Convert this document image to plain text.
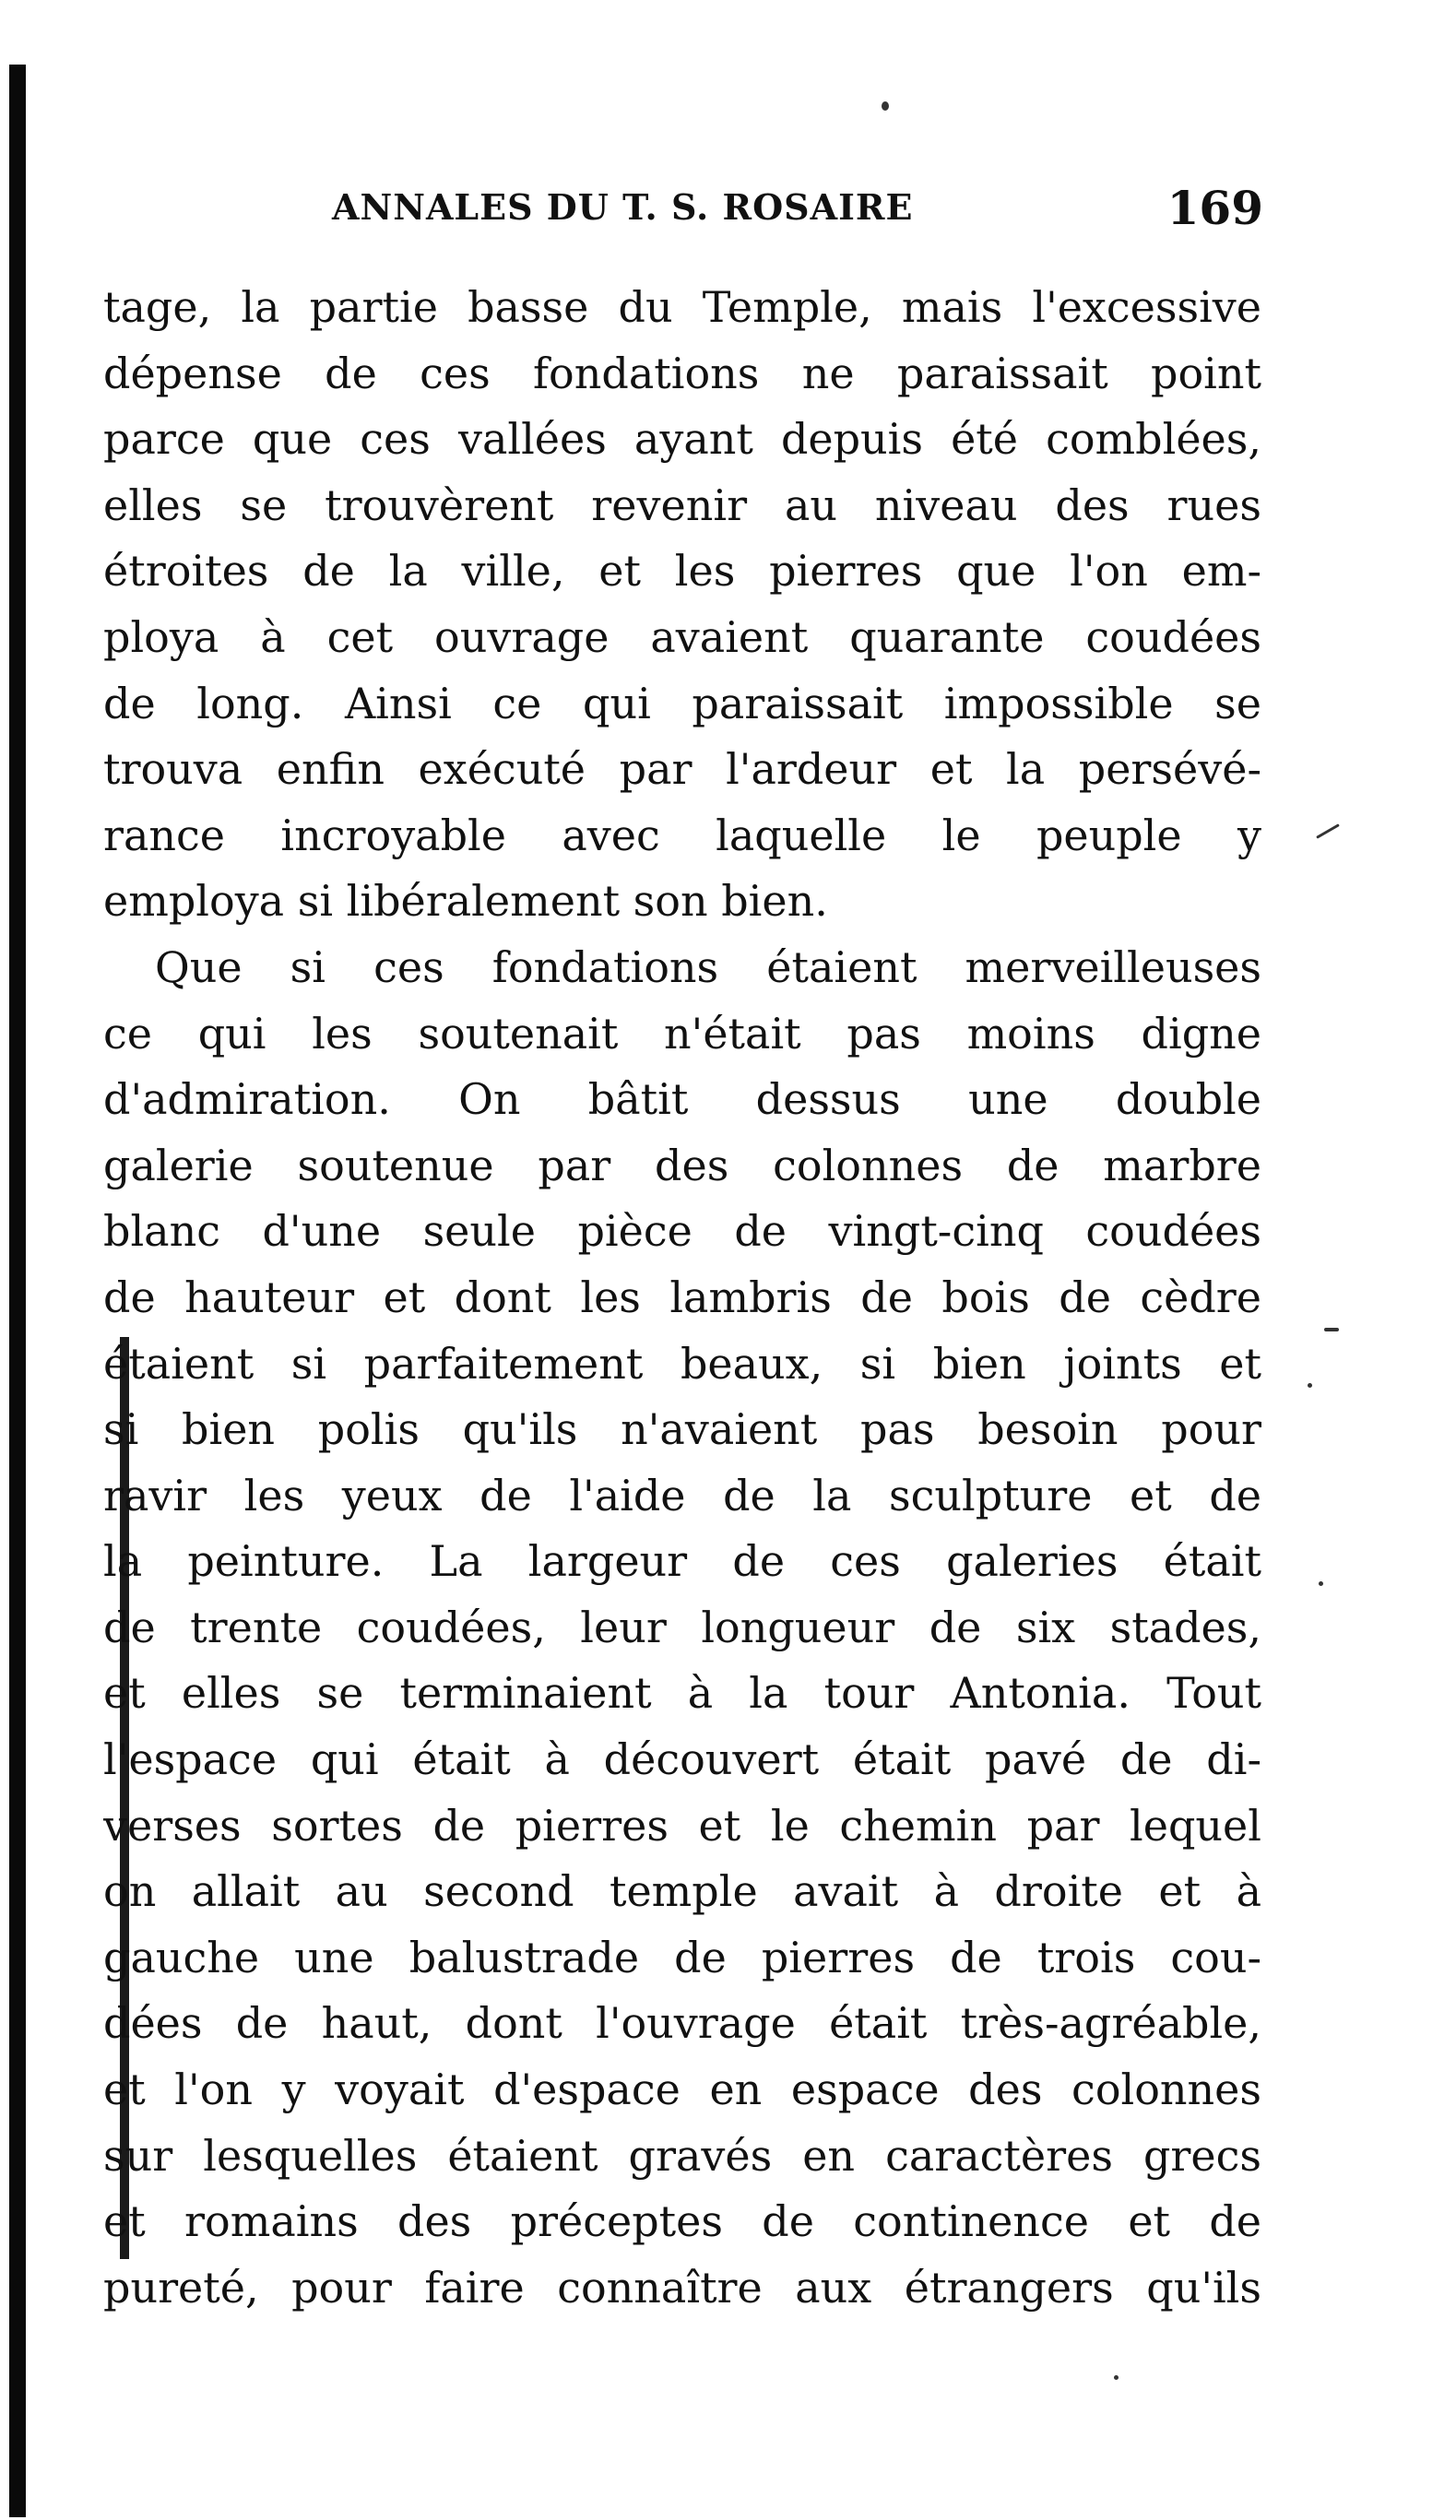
ANNALES DU T. S. ROSAIRE	169
tage, la partie basse du Temple, mais l'excessive
dépense de ces fondations ne paraissait point
parce que ces vallées ayant depuis été comblées,
elles se trouvèrent revenir au niveau des rues
étroites de la ville, et les pierres que l'on em-
ploya à cet ouvrage avaient quarante coudées
de long. Ainsi ce qui paraissait impossible se
trouva enfin exécuté par l'ardeur et la persévé-
rance incroyable avec laquelle le peuple y
employa si libéralement son bien.
Que si ces fondations étaient merveilleuses
ce qui les soutenait n'était pas moins digne
d'admiration. On bâtit dessus une double
galerie soutenue par des colonnes de marbre
blanc d'une seule pièce de vingt-cinq coudées
de hauteur et dont les lambris de bois de cèdre
étaient si parfaitement beaux, si bien joints et
si bien polis qu'ils n'avaient pas besoin pour
ravir les yeux de l'aide de la sculpture et de
la peinture. La largeur de ces galeries était
de trente coudées, leur longueur de six stades,
et elles se terminaient à la tour Antonia. Tout
l'espace qui était à découvert était pavé de di-
verses sortes de pierres et le chemin par lequel
on allait au second temple avait à droite et à
gauche une balustrade de pierres de trois cou-
dées de haut, dont l'ouvrage était très-agréable,
et l'on y voyait d'espace en espace des colonnes
sur lesquelles étaient gravés en caractères grecs
et romains des préceptes de continence et de
pureté, pour faire connaître aux étrangers qu'ils
